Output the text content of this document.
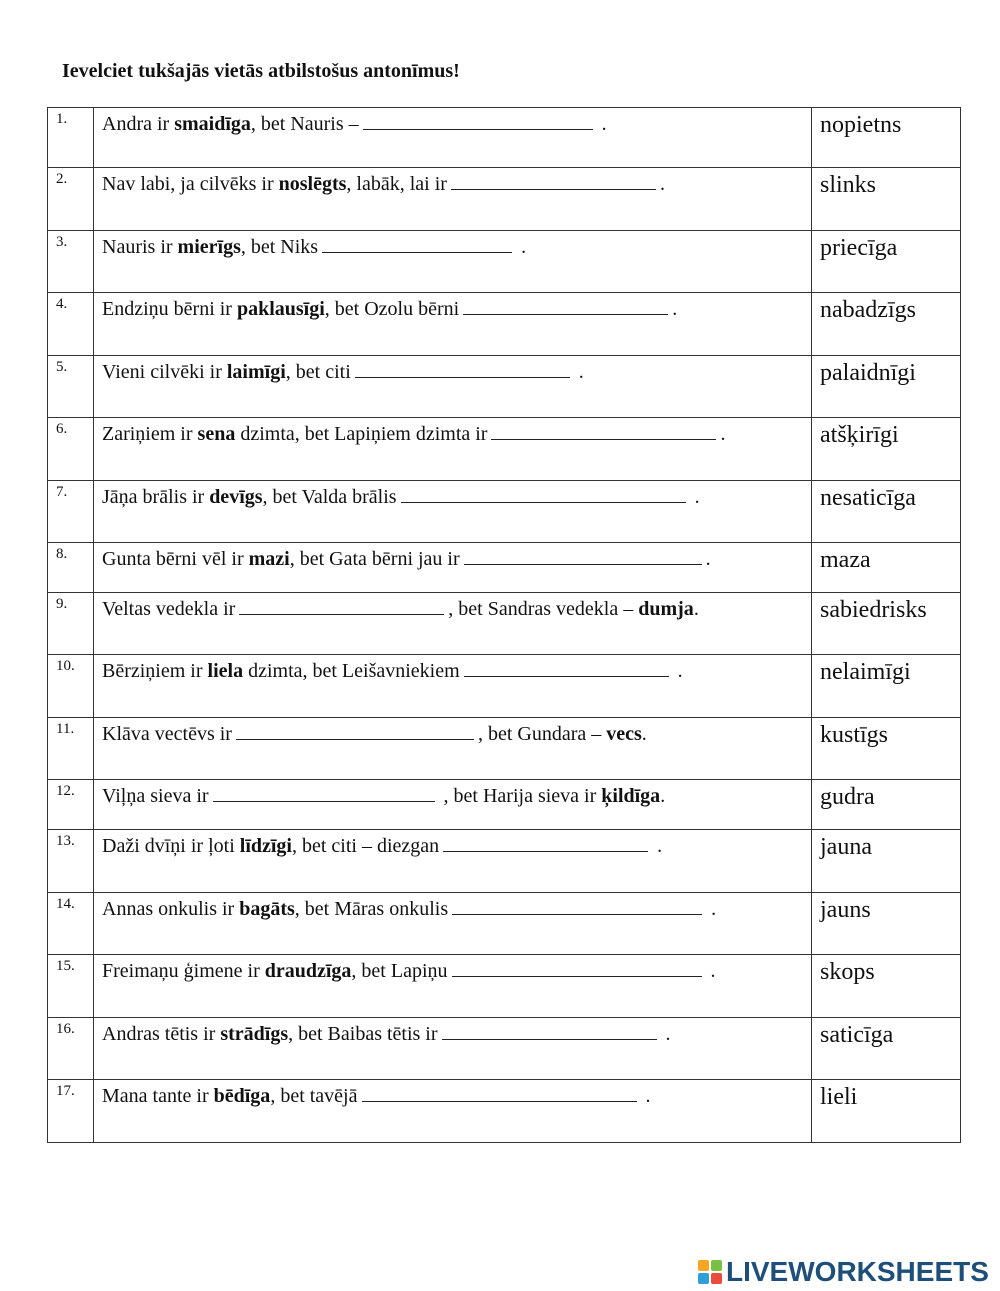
Ievelciet tukšajās vietās atbilstošus antonīmus!
1.	Andra ir smaidīga, bet Nauris – .	nopietns
2.	Nav labi, ja cilvēks ir noslēgts, labāk, lai ir .	slinks
3.	Nauris ir mierīgs, bet Niks .	priecīga
4.	Endziņu bērni ir paklausīgi, bet Ozolu bērni .	nabadzīgs
5.	Vieni cilvēki ir laimīgi, bet citi .	palaidnīgi
6.	Zariņiem ir sena dzimta, bet Lapiņiem dzimta ir .	atšķirīgi
7.	Jāņa brālis ir devīgs, bet Valda brālis .	nesaticīga
8.	Gunta bērni vēl ir mazi, bet Gata bērni jau ir .	maza
9.	Veltas vedekla ir , bet Sandras vedekla – dumja.	sabiedrisks
10.	Bērziņiem ir liela dzimta, bet Leišavniekiem .	nelaimīgi
11.	Klāva vectēvs ir , bet Gundara – vecs.	kustīgs
12.	Viļņa sieva ir , bet Harija sieva ir ķildīga.	gudra
13.	Daži dvīņi ir ļoti līdzīgi, bet citi – diezgan .	jauna
14.	Annas onkulis ir bagāts, bet Māras onkulis .	jauns
15.	Freimaņu ģimene ir draudzīga, bet Lapiņu .	skops
16.	Andras tētis ir strādīgs, bet Baibas tētis ir .	saticīga
17.	Mana tante ir bēdīga, bet tavējā .	lieli
LIVEWORKSHEETS
